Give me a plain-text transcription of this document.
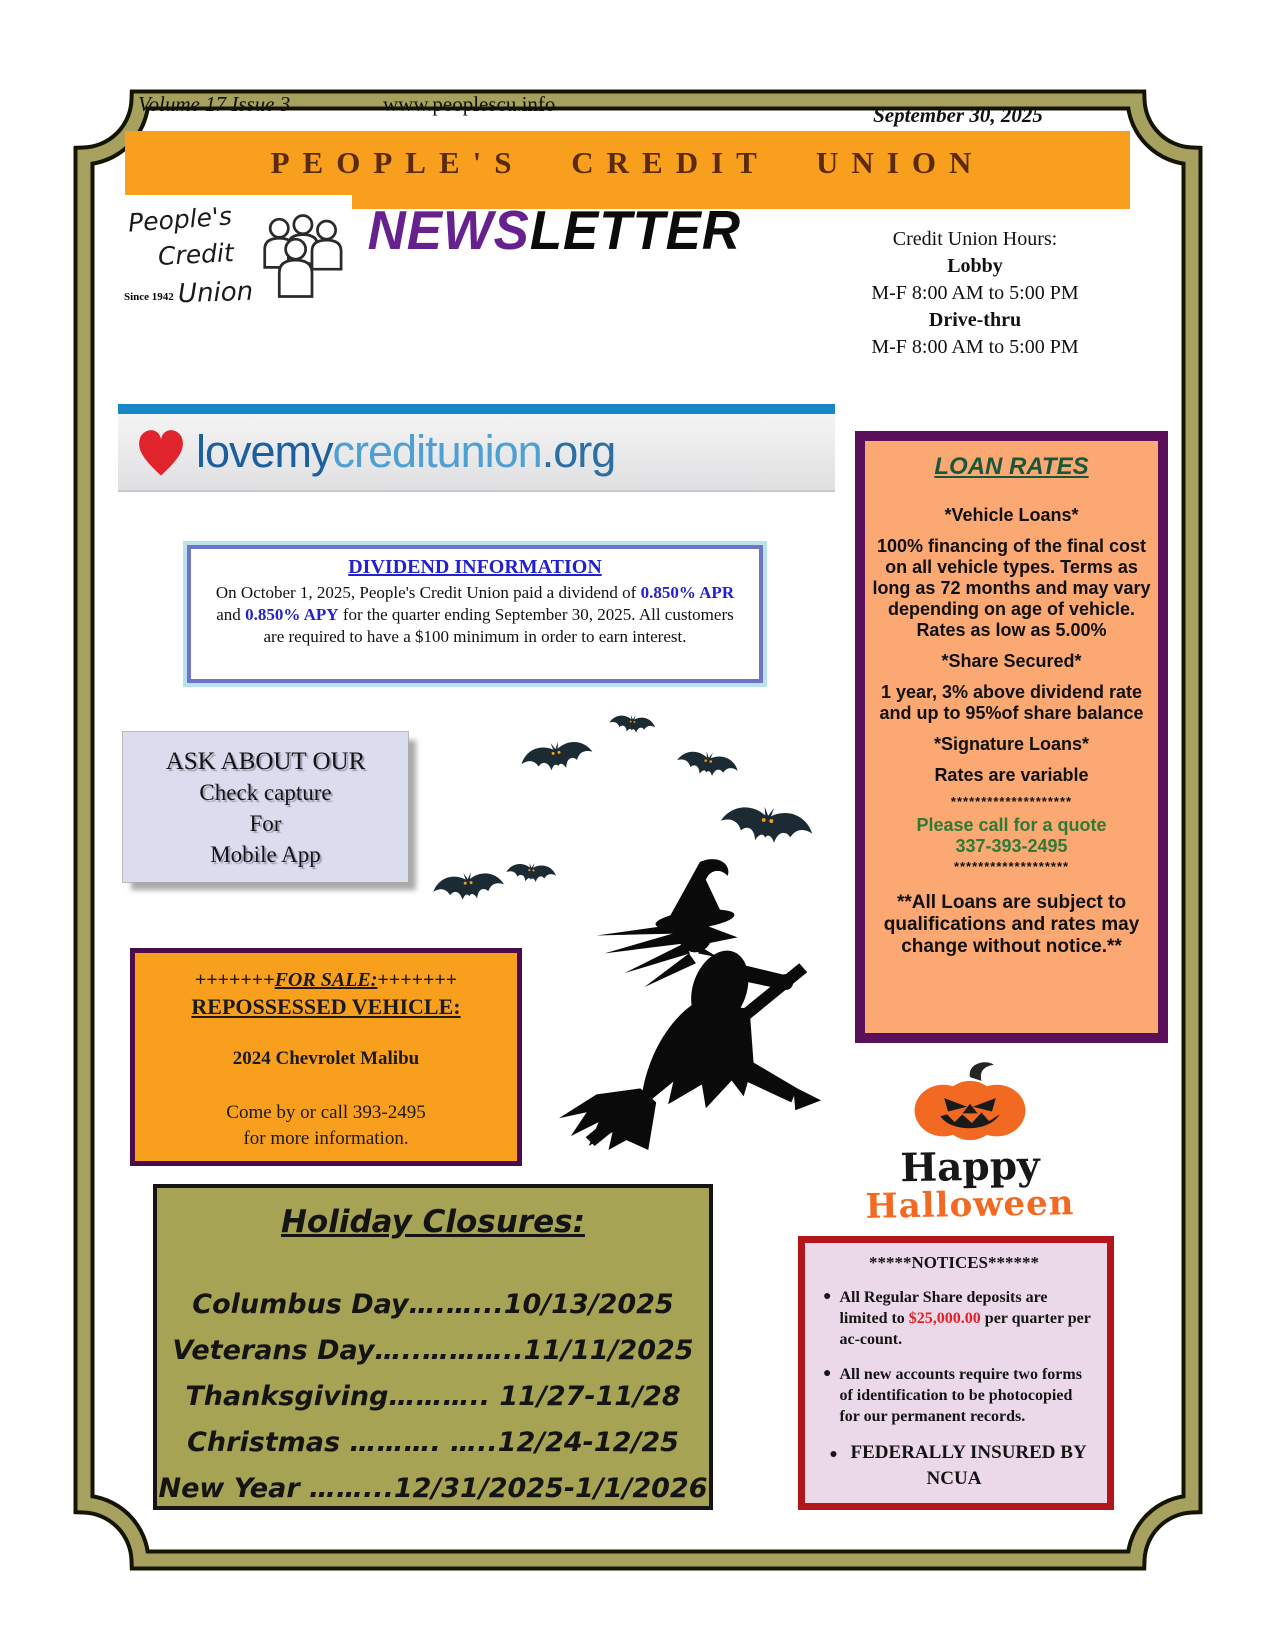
Volume 17 Issue 3	www.peoplescu.info	September 30, 2025
PEOPLE'S CREDIT UNION
People's
Credit
Union
Since 1942
NEWSLETTER	Credit Union Hours:
Lobby
M-F 8:00 AM to 5:00 PM
Drive-thru
M-F 8:00 AM to 5:00 PM
lovemycreditunion.org
DIVIDEND INFORMATION

On October 1, 2025, People's Credit Union paid a dividend of 0.850% APR and 0.850% APY for the quarter ending September 30, 2025. All customers are required to have a $100 minimum in order to earn interest.

ASK ABOUT OUR
Check capture
For
Mobile App
+++++++FOR SALE:+++++++
REPOSSESSED VEHICLE:
2024 Chevrolet Malibu
Come by or call 393-2495
for more information.
LOAN RATES
*Vehicle Loans*
100% financing of the final cost on all vehicle types. Terms as long as 72 months and may vary depending on age of vehicle. Rates as low as 5.00%
*Share Secured*
1 year, 3% above dividend rate and up to 95%of share balance
*Signature Loans*
Rates are variable
********************
Please call for a quote
337-393-2495
*******************
**All Loans are subject to qualifications and rates may change without notice.**
Happy
Halloween
Holiday Closures:
Columbus Day….…...10/13/2025
Veterans Day…..………..11/11/2025
Thanksgiving……….. 11/27-11/28
Christmas ………. …..12/24-12/25
New Year ……...12/31/2025-1/1/2026
*****NOTICES******
● All Regular Share deposits are limited to $25,000.00 per quarter per ac-count.
● All new accounts require two forms of identification to be photocopied for our permanent records.
● FEDERALLY INSURED BY NCUA
